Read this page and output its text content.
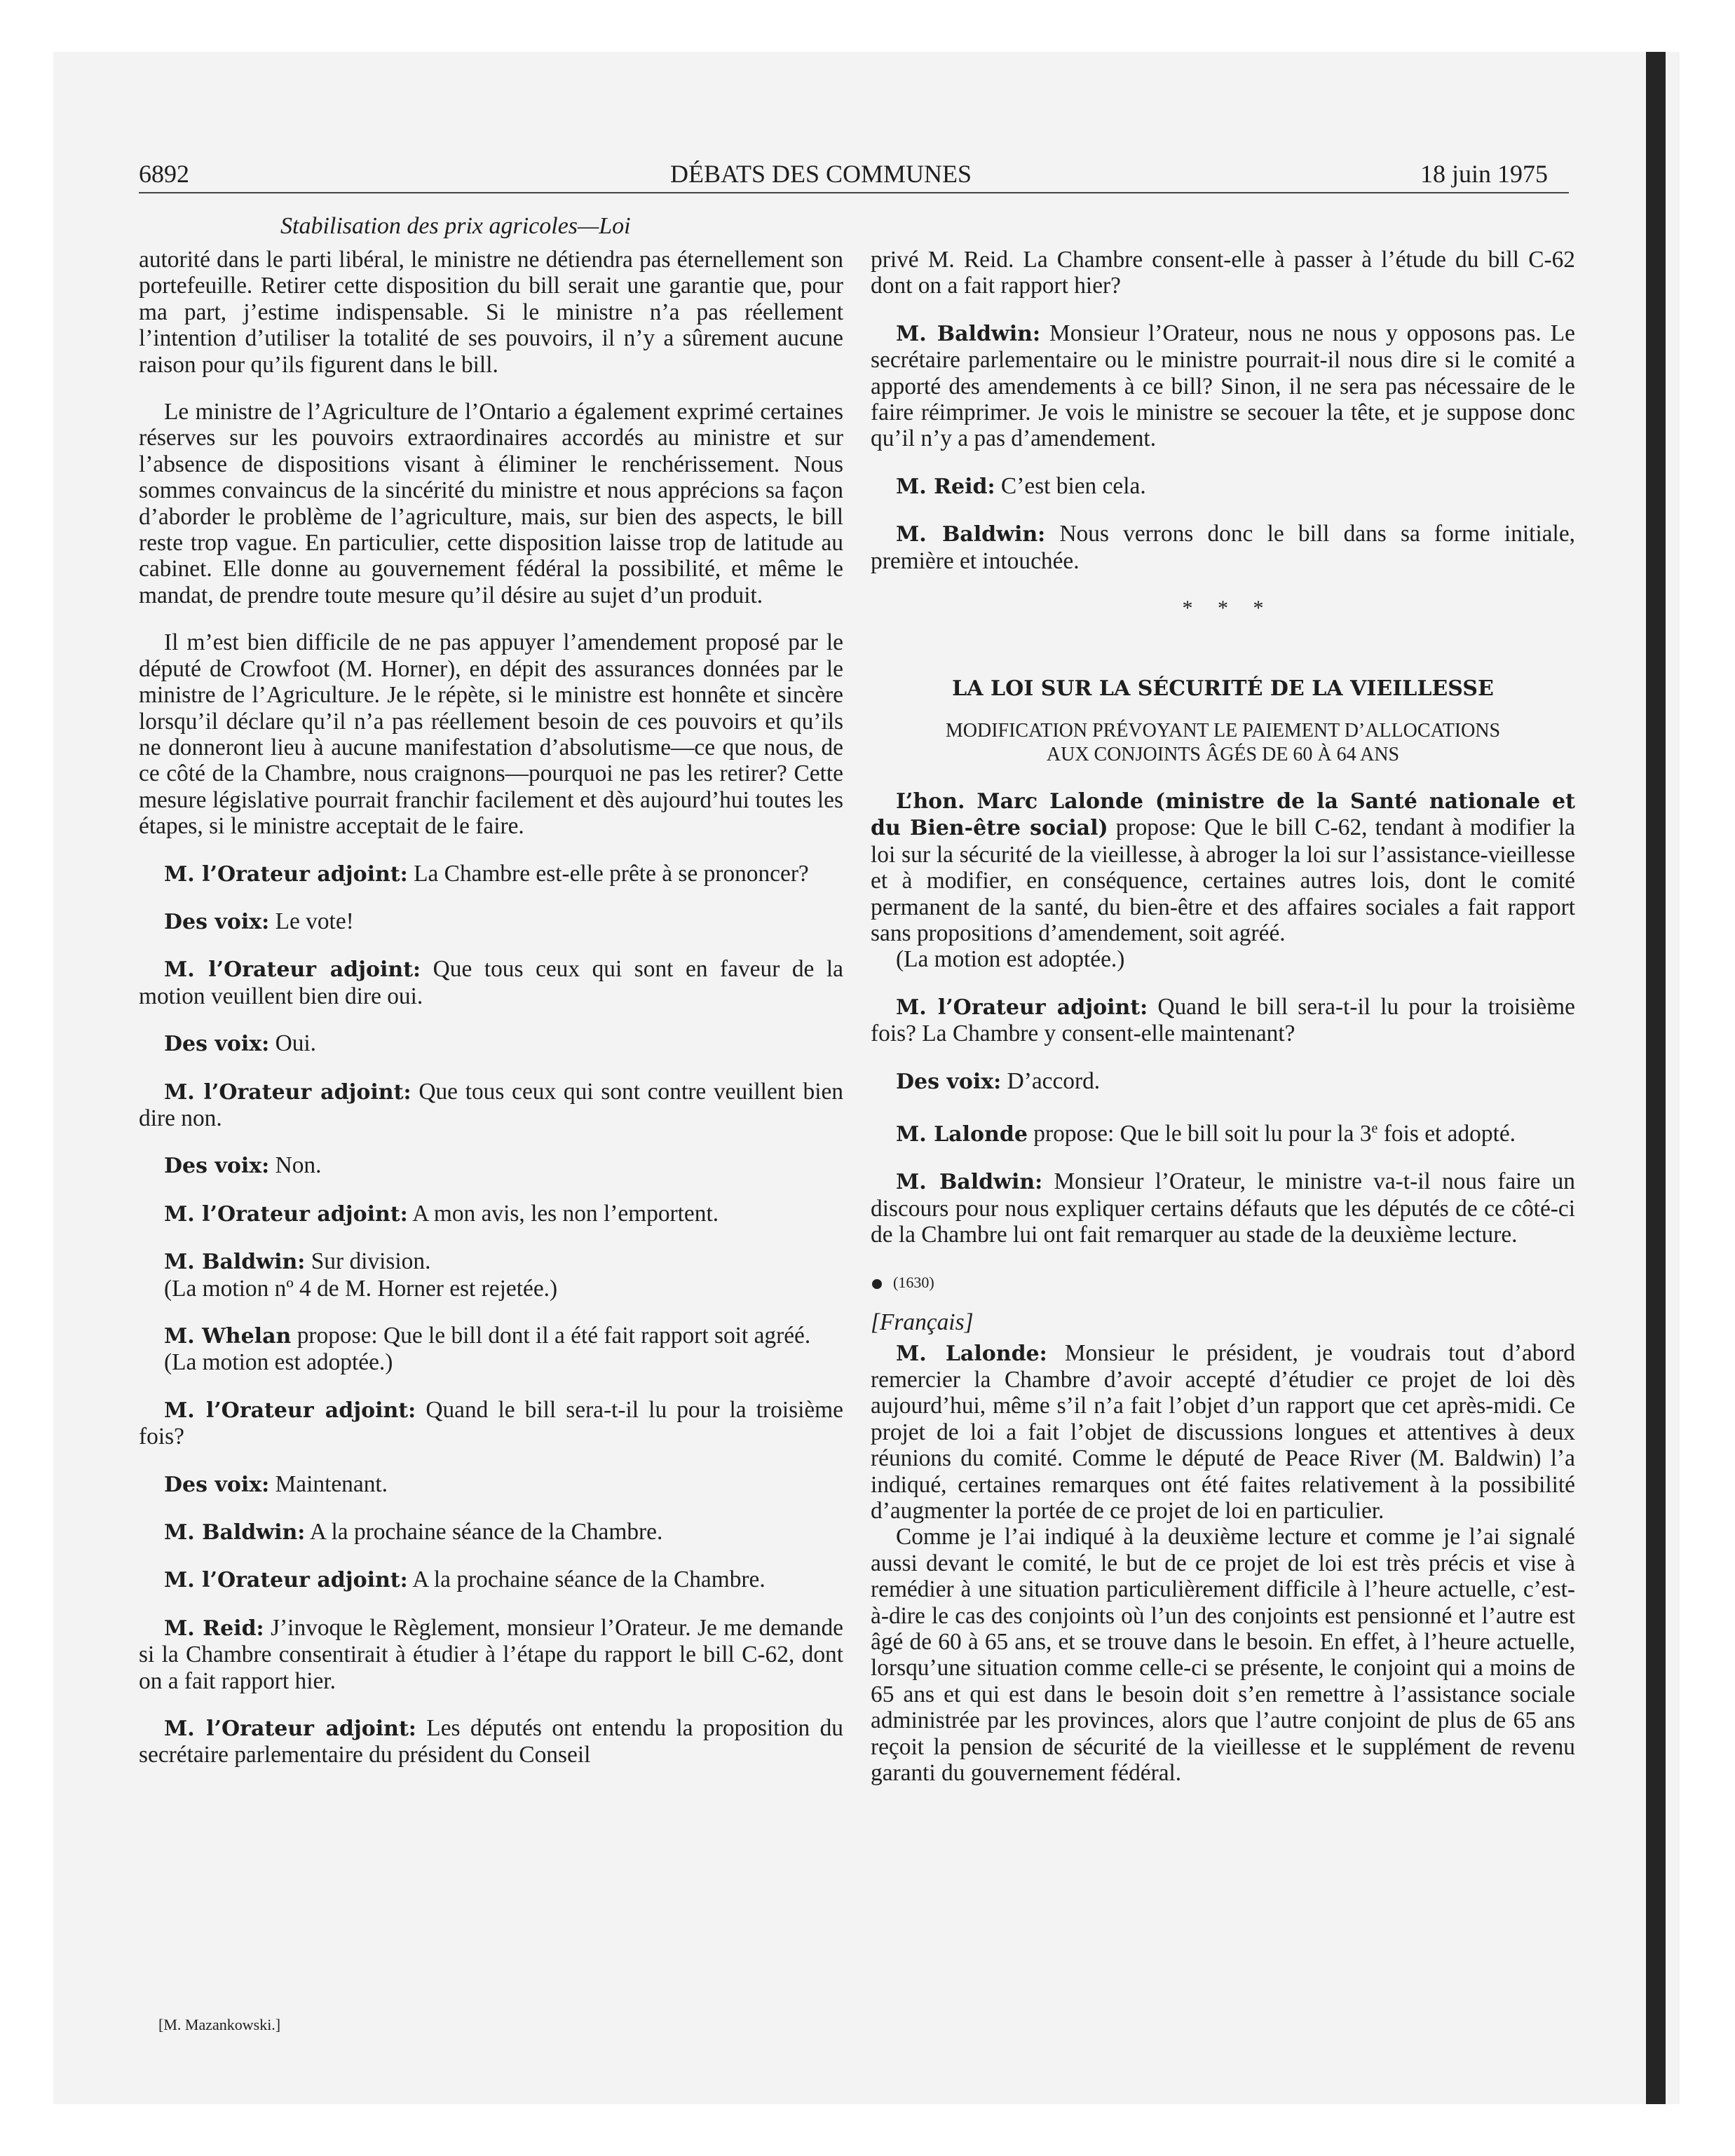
6892	DÉBATS DES COMMUNES	18 juin 1975
Stabilisation des prix agricoles—Loi

autorité dans le parti libéral, le ministre ne détiendra pas éternellement son portefeuille. Retirer cette disposition du bill serait une garantie que, pour ma part, j’estime indispensable. Si le ministre n’a pas réellement l’intention d’utiliser la totalité de ses pouvoirs, il n’y a sûrement aucune raison pour qu’ils figurent dans le bill.

Le ministre de l’Agriculture de l’Ontario a également exprimé certaines réserves sur les pouvoirs extraordinaires accordés au ministre et sur l’absence de dispositions visant à éliminer le renchérissement. Nous sommes convaincus de la sincérité du ministre et nous apprécions sa façon d’aborder le problème de l’agriculture, mais, sur bien des aspects, le bill reste trop vague. En particulier, cette disposition laisse trop de latitude au cabinet. Elle donne au gouvernement fédéral la possibilité, et même le mandat, de prendre toute mesure qu’il désire au sujet d’un produit.

Il m’est bien difficile de ne pas appuyer l’amendement proposé par le député de Crowfoot (M. Horner), en dépit des assurances données par le ministre de l’Agriculture. Je le répète, si le ministre est honnête et sincère lorsqu’il déclare qu’il n’a pas réellement besoin de ces pouvoirs et qu’ils ne donneront lieu à aucune manifestation d’absolutisme—ce que nous, de ce côté de la Chambre, nous craignons—pourquoi ne pas les retirer? Cette mesure législative pourrait franchir facilement et dès aujourd’hui toutes les étapes, si le ministre acceptait de le faire.

M. l’Orateur adjoint: La Chambre est-elle prête à se prononcer?

Des voix: Le vote!

M. l’Orateur adjoint: Que tous ceux qui sont en faveur de la motion veuillent bien dire oui.

Des voix: Oui.

M. l’Orateur adjoint: Que tous ceux qui sont contre veuillent bien dire non.

Des voix: Non.

M. l’Orateur adjoint: A mon avis, les non l’emportent.

M. Baldwin: Sur division.

(La motion nº 4 de M. Horner est rejetée.)

M. Whelan propose: Que le bill dont il a été fait rapport soit agréé.

(La motion est adoptée.)

M. l’Orateur adjoint: Quand le bill sera-t-il lu pour la troisième fois?

Des voix: Maintenant.

M. Baldwin: A la prochaine séance de la Chambre.

M. l’Orateur adjoint: A la prochaine séance de la Chambre.

M. Reid: J’invoque le Règlement, monsieur l’Orateur. Je me demande si la Chambre consentirait à étudier à l’étape du rapport le bill C-62, dont on a fait rapport hier.

M. l’Orateur adjoint: Les députés ont entendu la proposition du secrétaire parlementaire du président du Conseil

privé M. Reid. La Chambre consent-elle à passer à l’étude du bill C-62 dont on a fait rapport hier?

M. Baldwin: Monsieur l’Orateur, nous ne nous y opposons pas. Le secrétaire parlementaire ou le ministre pourrait-il nous dire si le comité a apporté des amendements à ce bill? Sinon, il ne sera pas nécessaire de le faire réimprimer. Je vois le ministre se secouer la tête, et je suppose donc qu’il n’y a pas d’amendement.

M. Reid: C’est bien cela.

M. Baldwin: Nous verrons donc le bill dans sa forme initiale, première et intouchée.

* * *
LA LOI SUR LA SÉCURITÉ DE LA VIEILLESSE
MODIFICATION PRÉVOYANT LE PAIEMENT D’ALLOCATIONS
AUX CONJOINTS ÂGÉS DE 60 À 64 ANS

L’hon. Marc Lalonde (ministre de la Santé nationale et du Bien-être social) propose: Que le bill C-62, tendant à modifier la loi sur la sécurité de la vieillesse, à abroger la loi sur l’assistance-vieillesse et à modifier, en conséquence, certaines autres lois, dont le comité permanent de la santé, du bien-être et des affaires sociales a fait rapport sans propositions d’amendement, soit agréé.

(La motion est adoptée.)

M. l’Orateur adjoint: Quand le bill sera-t-il lu pour la troisième fois? La Chambre y consent-elle maintenant?

Des voix: D’accord.

M. Lalonde propose: Que le bill soit lu pour la 3e fois et adopté.

M. Baldwin: Monsieur l’Orateur, le ministre va-t-il nous faire un discours pour nous expliquer certains défauts que les députés de ce côté-ci de la Chambre lui ont fait remarquer au stade de la deuxième lecture.

(1630)
[Français]

M. Lalonde: Monsieur le président, je voudrais tout d’abord remercier la Chambre d’avoir accepté d’étudier ce projet de loi dès aujourd’hui, même s’il n’a fait l’objet d’un rapport que cet après-midi. Ce projet de loi a fait l’objet de discussions longues et attentives à deux réunions du comité. Comme le député de Peace River (M. Baldwin) l’a indiqué, certaines remarques ont été faites relativement à la possibilité d’augmenter la portée de ce projet de loi en particulier.

Comme je l’ai indiqué à la deuxième lecture et comme je l’ai signalé aussi devant le comité, le but de ce projet de loi est très précis et vise à remédier à une situation particulièrement difficile à l’heure actuelle, c’est-à-dire le cas des conjoints où l’un des conjoints est pensionné et l’autre est âgé de 60 à 65 ans, et se trouve dans le besoin. En effet, à l’heure actuelle, lorsqu’une situation comme celle-ci se présente, le conjoint qui a moins de 65 ans et qui est dans le besoin doit s’en remettre à l’assistance sociale administrée par les provinces, alors que l’autre conjoint de plus de 65 ans reçoit la pension de sécurité de la vieillesse et le supplément de revenu garanti du gouvernement fédéral.

[M. Mazankowski.]
